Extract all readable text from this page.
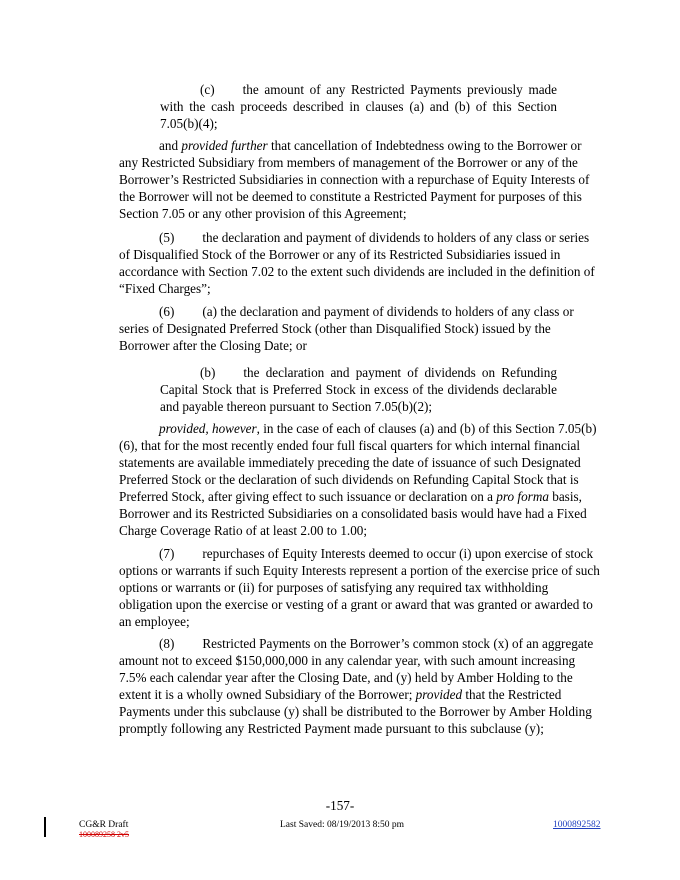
(c) the amount of any Restricted Payments previously made with the cash proceeds described in clauses (a) and (b) of this Section 7.05(b)(4);

and provided further that cancellation of Indebtedness owing to the Borrower or any Restricted Subsidiary from members of management of the Borrower or any of the Borrower’s Restricted Subsidiaries in connection with a repurchase of Equity Interests of the Borrower will not be deemed to constitute a Restricted Payment for purposes of this Section 7.05 or any other provision of this Agreement;

(5) the declaration and payment of dividends to holders of any class or series of Disqualified Stock of the Borrower or any of its Restricted Subsidiaries issued in accordance with Section 7.02 to the extent such dividends are included in the definition of “Fixed Charges”;

(6) (a) the declaration and payment of dividends to holders of any class or series of Designated Preferred Stock (other than Disqualified Stock) issued by the Borrower after the Closing Date; or

(b) the declaration and payment of dividends on Refunding Capital Stock that is Preferred Stock in excess of the dividends declarable and payable thereon pursuant to Section 7.05(b)(2);

provided, however, in the case of each of clauses (a) and (b) of this Section 7.05(b)(6), that for the most recently ended four full fiscal quarters for which internal financial statements are available immediately preceding the date of issuance of such Designated Preferred Stock or the declaration of such dividends on Refunding Capital Stock that is Preferred Stock, after giving effect to such issuance or declaration on a pro forma basis, Borrower and its Restricted Subsidiaries on a consolidated basis would have had a Fixed Charge Coverage Ratio of at least 2.00 to 1.00;

(7) repurchases of Equity Interests deemed to occur (i) upon exercise of stock options or warrants if such Equity Interests represent a portion of the exercise price of such options or warrants or (ii) for purposes of satisfying any required tax withholding obligation upon the exercise or vesting of a grant or award that was granted or awarded to an employee;

(8) Restricted Payments on the Borrower’s common stock (x) of an aggregate amount not to exceed $150,000,000 in any calendar year, with such amount increasing 7.5% each calendar year after the Closing Date, and (y) held by Amber Holding to the extent it is a wholly owned Subsidiary of the Borrower; provided that the Restricted Payments under this subclause (y) shall be distributed to the Borrower by Amber Holding promptly following any Restricted Payment made pursuant to this subclause (y);

-157-
CG&R Draft
100089258 2v5
Last Saved: 08/19/2013 8:50 pm	1000892582
